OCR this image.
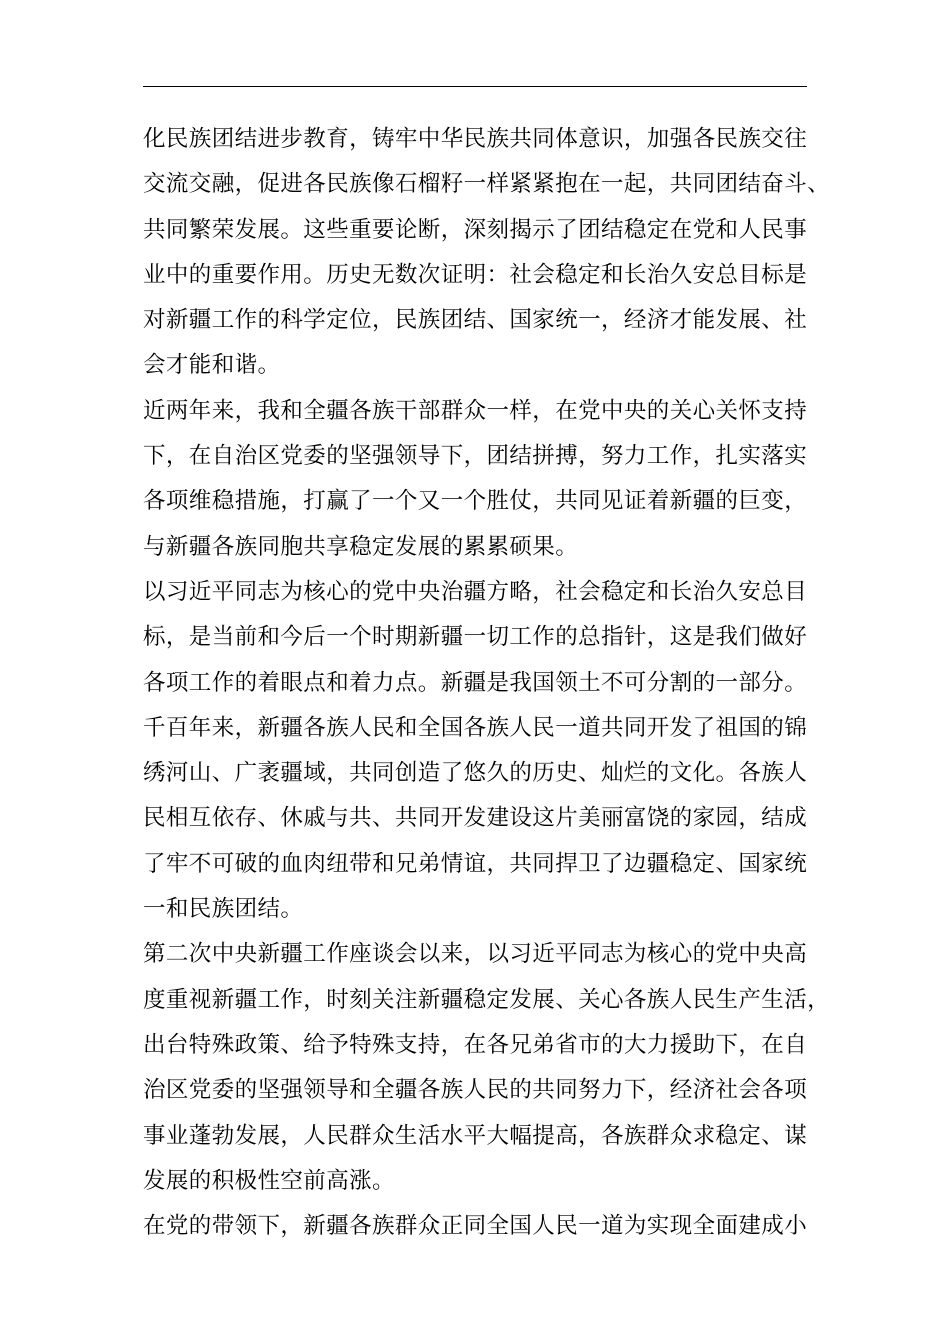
化民族团结进步教育，铸牢中华民族共同体意识，加强各民族交往
交流交融，促进各民族像石榴籽一样紧紧抱在一起，共同团结奋斗、
共同繁荣发展。这些重要论断，深刻揭示了团结稳定在党和人民事
业中的重要作用。历史无数次证明：社会稳定和长治久安总目标是
对新疆工作的科学定位，民族团结、国家统一，经济才能发展、社
会才能和谐。

近两年来，我和全疆各族干部群众一样，在党中央的关心关怀支持
下，在自治区党委的坚强领导下，团结拼搏，努力工作，扎实落实
各项维稳措施，打赢了一个又一个胜仗，共同见证着新疆的巨变，
与新疆各族同胞共享稳定发展的累累硕果。

以习近平同志为核心的党中央治疆方略，社会稳定和长治久安总目
标，是当前和今后一个时期新疆一切工作的总指针，这是我们做好
各项工作的着眼点和着力点。新疆是我国领土不可分割的一部分。
千百年来，新疆各族人民和全国各族人民一道共同开发了祖国的锦
绣河山、广袤疆域，共同创造了悠久的历史、灿烂的文化。各族人
民相互依存、休戚与共、共同开发建设这片美丽富饶的家园，结成
了牢不可破的血肉纽带和兄弟情谊，共同捍卫了边疆稳定、国家统
一和民族团结。

第二次中央新疆工作座谈会以来，以习近平同志为核心的党中央高
度重视新疆工作，时刻关注新疆稳定发展、关心各族人民生产生活，
出台特殊政策、给予特殊支持，在各兄弟省市的大力援助下，在自
治区党委的坚强领导和全疆各族人民的共同努力下，经济社会各项
事业蓬勃发展，人民群众生活水平大幅提高，各族群众求稳定、谋
发展的积极性空前高涨。

在党的带领下，新疆各族群众正同全国人民一道为实现全面建成小
